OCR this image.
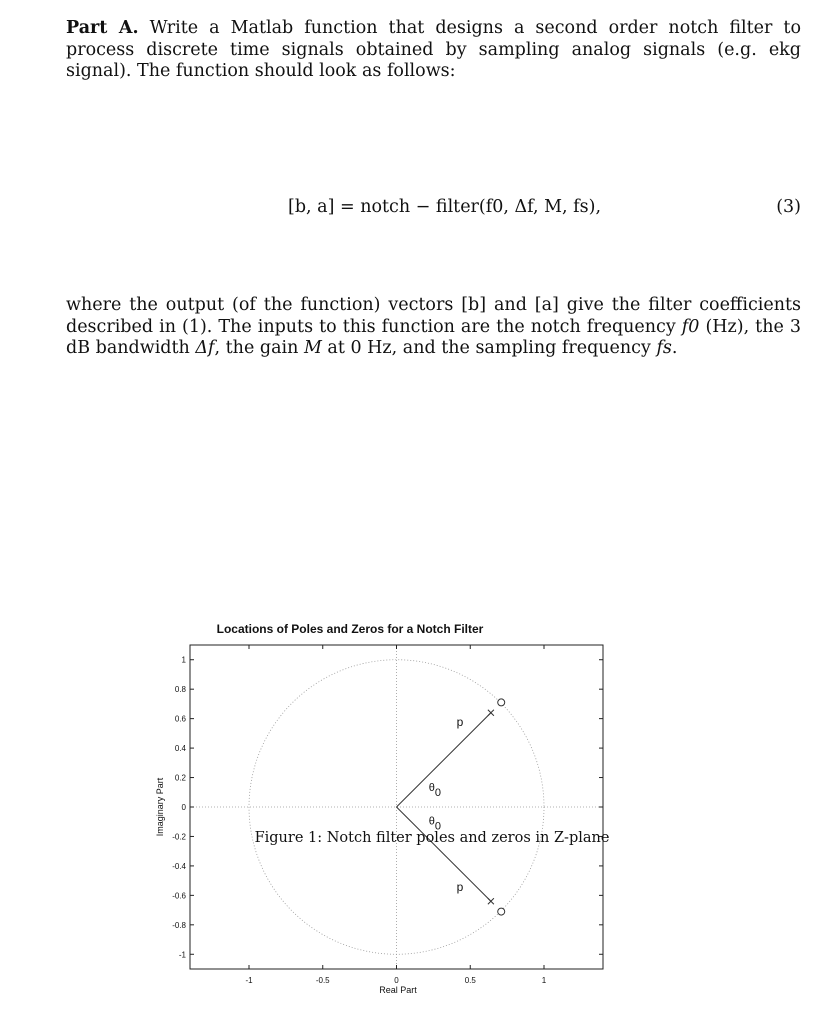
Part A. Write a Matlab function that designs a second order notch filter to process discrete time signals obtained by sampling analog signals (e.g. ekg signal). The function should look as follows:

[b, a] = notch − filter(f0, Δf, M, fs),	(3)

where the output (of the function) vectors [b] and [a] give the filter coefficients described in (1). The inputs to this function are the notch frequency f0 (Hz), the 3 dB bandwidth Δf, the gain M at 0 Hz, and the sampling frequency fs.

Locations of Poles and Zeros for a Notch Filter
-1	-0.5	0	0.5	1
1
0.8
0.6
0.4
0.2
0
-0.2
-0.4
-0.6
-0.8
-1
p
p
θ0
θ0
Real Part
Imaginary Part
Figure 1: Notch filter poles and zeros in Z-plane
